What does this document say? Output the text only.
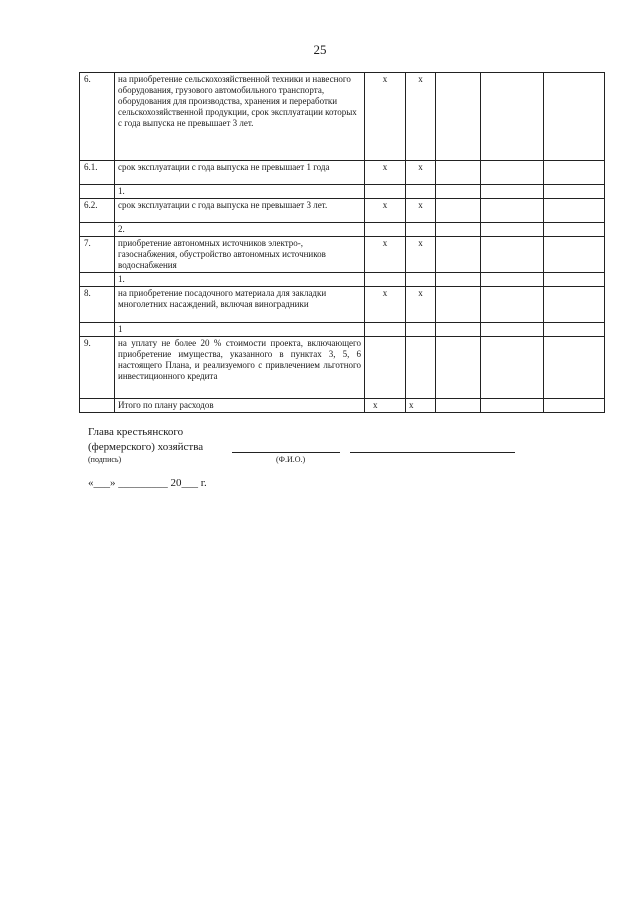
25
6.	на приобретение сельскохозяйственной техники и навесного оборудования, грузового автомобильного транспорта, оборудования для производства, хранения и переработки сельскохозяйственной продукции, срок эксплуатации которых с года выпуска не превышает 3 лет.	х	х			
6.1.	срок эксплуатации с года выпуска не превышает 1 года	х	х			
	1.					
6.2.	срок эксплуатации с года выпуска не превышает 3 лет.	х	х			
	2.					
7.	приобретение автономных источников электро-, газоснабжения, обустройство автономных источников водоснабжения	х	х			
	1.					
8.	на приобретение посадочного материала для закладки многолетних насаждений, включая виноградники	х	х			
	1					
9.	на уплату не более 20 % стоимости проекта, включающего приобретение имущества, указанного в пунктах 3, 5, 6 настоящего Плана, и реализуемого с привлечением льготного инвестиционного кредита					
	Итого по плану расходов	х	х			
Глава крестьянского
(фермерского) хозяйства
(подпись)	(Ф.И.О.)
«___» _________ 20___ г.
